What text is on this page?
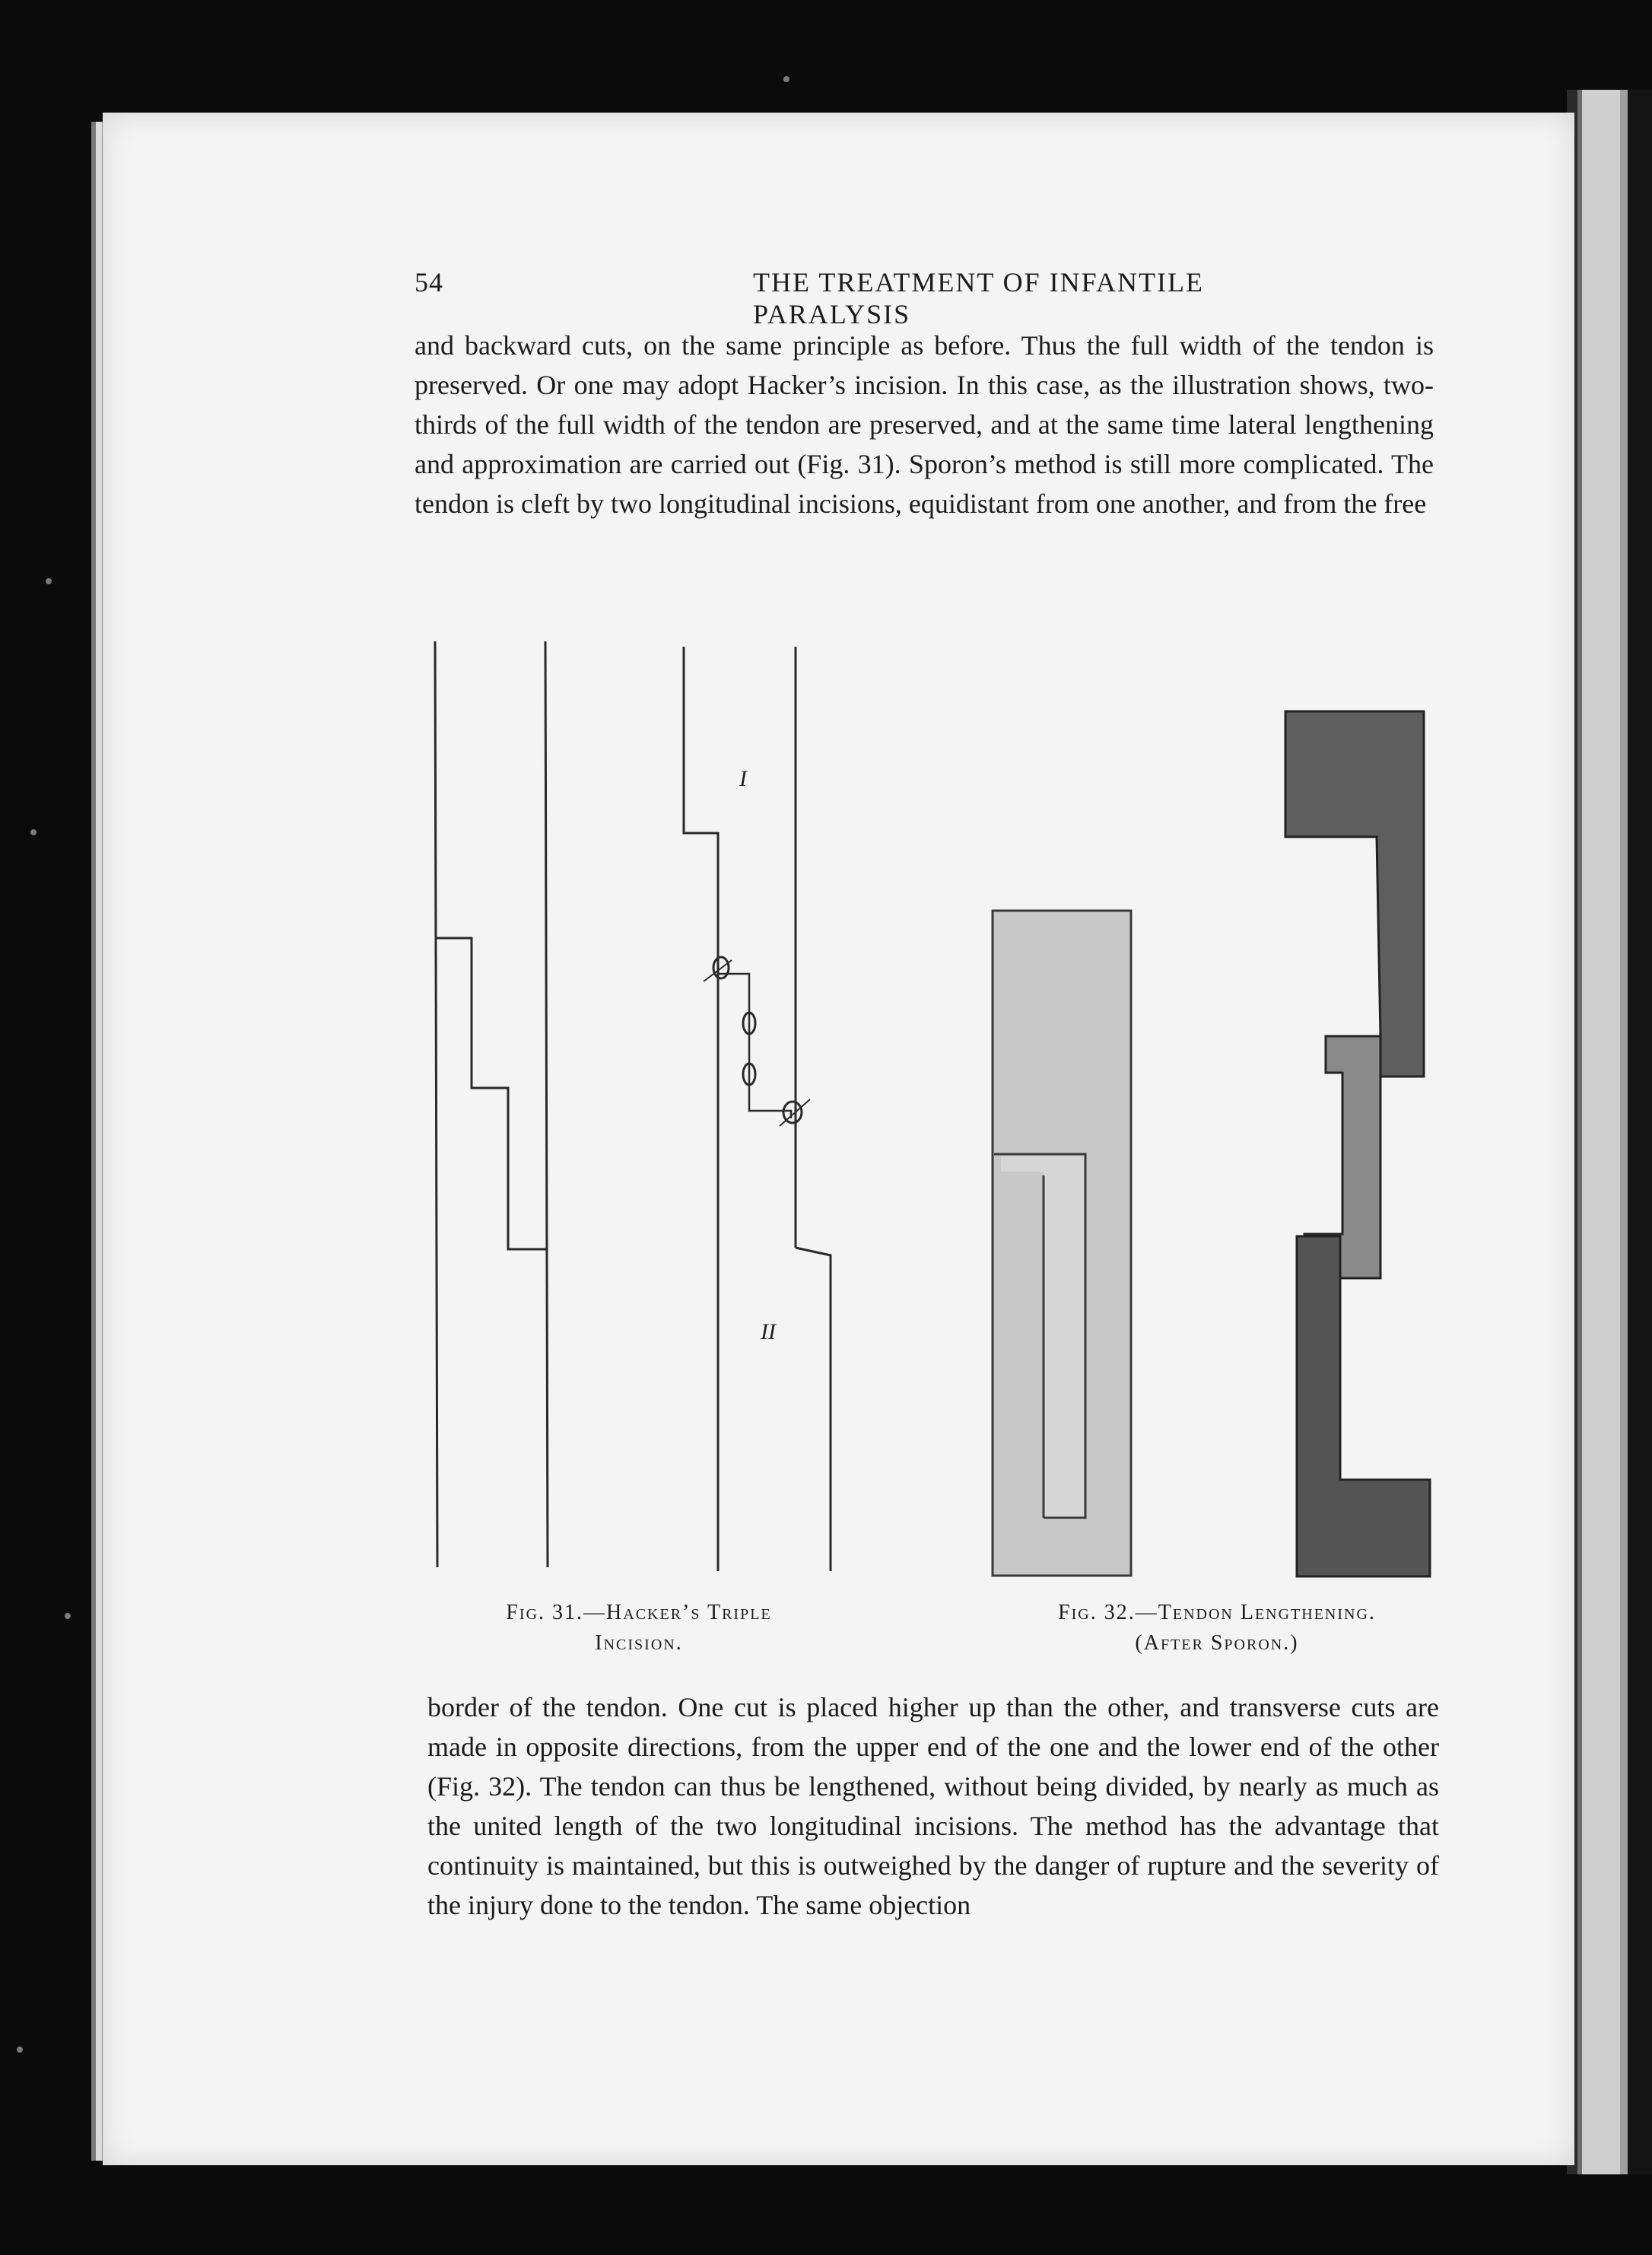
54	THE TREATMENT OF INFANTILE PARALYSIS

and backward cuts, on the same principle as before. Thus the full width of the tendon is preserved. Or one may adopt Hacker’s incision. In this case, as the illustration shows, two-thirds of the full width of the tendon are preserved, and at the same time lateral lengthening and approximation are carried out (Fig. 31). Sporon’s method is still more complicated. The tendon is cleft by two longitudinal incisions, equidistant from one another, and from the free

I
II
Fig. 31.—Hacker’s Triple
Incision.
Fig. 32.—Tendon Lengthening.
(After Sporon.)

border of the tendon. One cut is placed higher up than the other, and transverse cuts are made in opposite directions, from the upper end of the one and the lower end of the other (Fig. 32). The tendon can thus be lengthened, without being divided, by nearly as much as the united length of the two longitudinal incisions. The method has the advantage that continuity is maintained, but this is outweighed by the danger of rupture and the severity of the injury done to the tendon. The same objection
